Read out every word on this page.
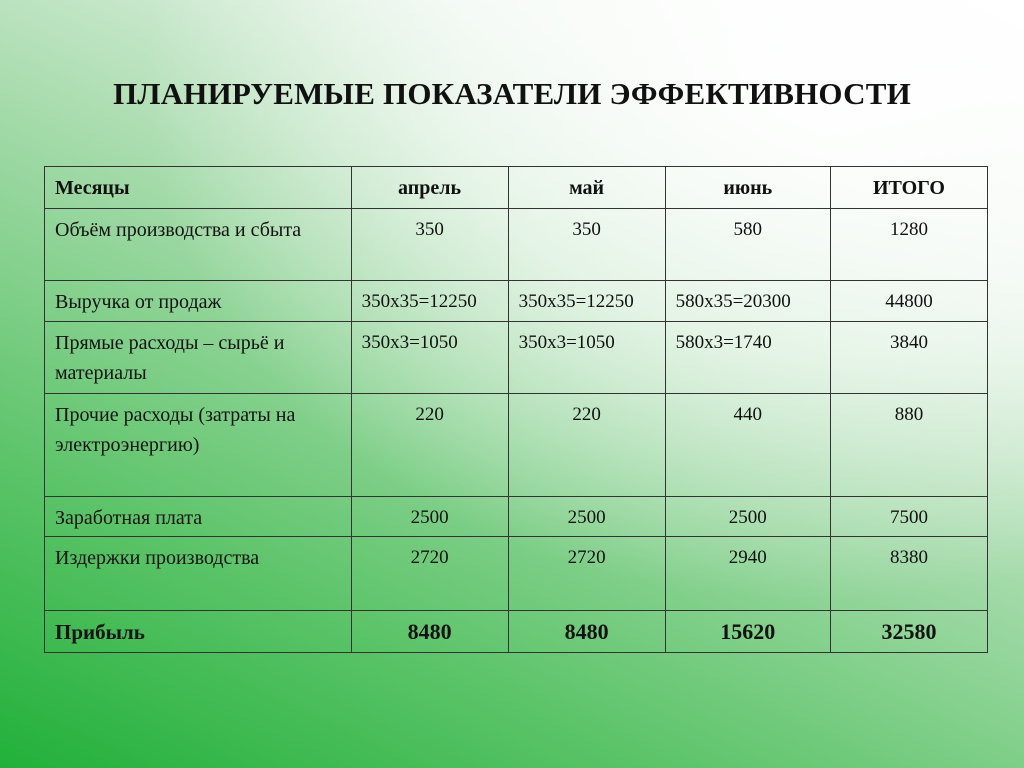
ПЛАНИРУЕМЫЕ ПОКАЗАТЕЛИ ЭФФЕКТИВНОСТИ
Месяцы	апрель	май	июнь	ИТОГО
Объём производства и сбыта	350	350	580	1280
Выручка от продаж	350х35=12250	350х35=12250	580х35=20300	44800
Прямые расходы – сырьё и материалы	350х3=1050	350х3=1050	580х3=1740	3840
Прочие расходы (затраты на электроэнергию)	220	220	440	880
Заработная плата	2500	2500	2500	7500
Издержки производства	2720	2720	2940	8380
Прибыль	8480	8480	15620	32580
